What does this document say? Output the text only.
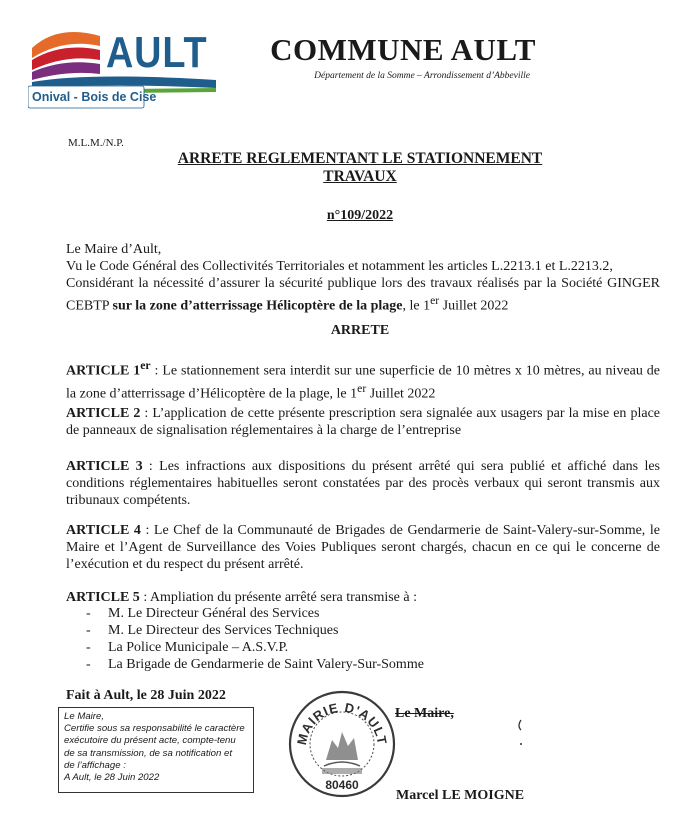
AULT
Onival - Bois de Cise
COMMUNE AULT
Département de la Somme – Arrondissement d’Abbeville
M.L.M./N.P.
ARRETE REGLEMENTANT LE STATIONNEMENT
TRAVAUX
n°109/2022

Le Maire d’Ault,

Vu le Code Général des Collectivités Territoriales et notamment les articles L.2213.1 et L.2213.2,

Considérant la nécessité d’assurer la sécurité publique lors des travaux réalisés par la Société GINGER CEBTP sur la zone d’atterrissage Hélicoptère de la plage, le 1er Juillet 2022

ARRETE
ARTICLE 1er : Le stationnement sera interdit sur une superficie de 10 mètres x 10 mètres, au niveau de la zone d’atterrissage d’Hélicoptère de la plage, le 1er Juillet 2022
ARTICLE 2 : L’application de cette présente prescription sera signalée aux usagers par la mise en place de panneaux de signalisation réglementaires à la charge de l’entreprise
ARTICLE 3 : Les infractions aux dispositions du présent arrêté qui sera publié et affiché dans les conditions réglementaires habituelles seront constatées par des procès verbaux qui seront transmis aux tribunaux compétents.
ARTICLE 4 : Le Chef de la Communauté de Brigades de Gendarmerie de Saint-Valery-sur-Somme, le Maire et l’Agent de Surveillance des Voies Publiques seront chargés, chacun en ce qui le concerne de l’exécution et du respect du présent arrêté.
ARTICLE 5 : Ampliation du présente arrêté sera transmise à :
- M. Le Directeur Général des Services
- M. Le Directeur des Services Techniques
- La Police Municipale – A.S.V.P.
- La Brigade de Gendarmerie de Saint Valery-Sur-Somme
Fait à Ault, le 28 Juin 2022
Le Maire,
Certifie sous sa responsabilité le caractère
exécutoire du présent acte, compte-tenu
de sa transmission, de sa notification et
de l’affichage :
A Ault, le 28 Juin 2022
MAIRIE D'AULT
80460
Le Maire,
Marcel LE MOIGNE
